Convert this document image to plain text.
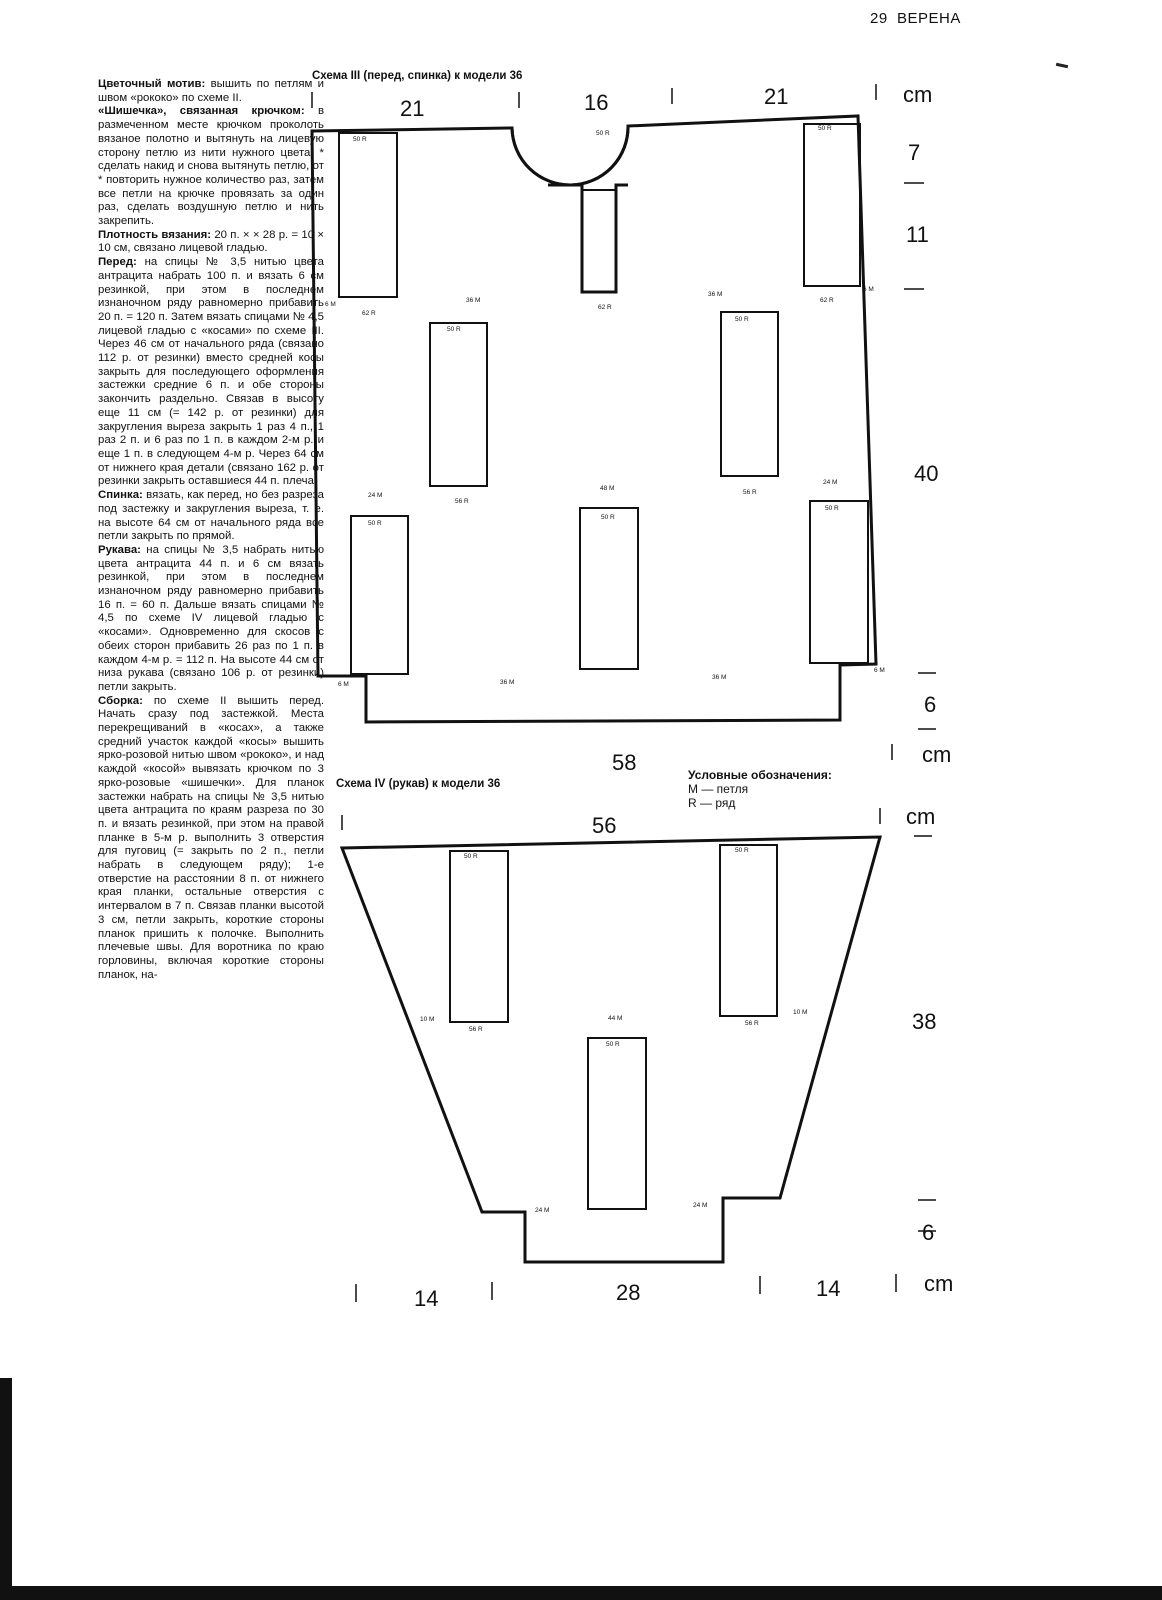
29 ВЕРЕНА

Цветочный мотив: вышить по петлям и швом «рококо» по схеме II.

«Шишечка», связанная крючком: в размеченном месте крючком проколоть вязаное полотно и вытянуть на лицевую сторону петлю из нити нужного цвета, * сделать накид и снова вытянуть петлю, от * повторить нужное количество раз, затем все петли на крючке провязать за один раз, сделать воздушную петлю и нить закрепить.

Плотность вязания: 20 п. × × 28 р. = 10 × 10 см, связано лицевой гладью.

Перед: на спицы № 3,5 нитью цвета антрацита набрать 100 п. и вязать 6 см резинкой, при этом в последнем изнаночном ряду равномерно прибавить 20 п. = 120 п. Затем вязать спицами № 4,5 лицевой гладью с «косами» по схеме III. Через 46 см от начального ряда (связано 112 р. от резинки) вместо средней косы закрыть для последующего оформления застежки средние 6 п. и обе стороны закончить раздельно. Связав в высоту еще 11 см (= 142 р. от резинки) для закругления выреза закрыть 1 раз 4 п., 1 раз 2 п. и 6 раз по 1 п. в каждом 2-м р. и еще 1 п. в следующем 4-м р. Через 64 см от нижнего края детали (связано 162 р. от резинки закрыть оставшиеся 44 п. плеча.

Спинка: вязать, как перед, но без разреза под застежку и закругления выреза, т. е. на высоте 64 см от начального ряда все петли закрыть по прямой.

Рукава: на спицы № 3,5 набрать нитью цвета антрацита 44 п. и 6 см вязать резинкой, при этом в последнем изнаночном ряду равномерно прибавить 16 п. = 60 п. Дальше вязать спицами № 4,5 по схеме IV лицевой гладью с «косами». Одновременно для скосов с обеих сторон прибавить 26 раз по 1 п. в каждом 4-м р. = 112 п. На высоте 44 см от низа рукава (связано 106 р. от резинки) петли закрыть.

Сборка: по схеме II вышить перед. Начать сразу под застежкой. Места перекрещиваний в «косах», а также средний участок каждой «косы» вышить ярко-розовой нитью швом «рококо», и над каждой «косой» вывязать крючком по 3 ярко-розовые «шишечки». Для планок застежки набрать на спицы № 3,5 нитью цвета антрацита по краям разреза по 30 п. и вязать резинкой, при этом на правой планке в 5-м р. выполнить 3 отверстия для пуговиц (= закрыть по 2 п., петли набрать в следующем ряду); 1-е отверстие на расстоянии 8 п. от нижнего края планки, остальные отверстия с интервалом в 7 п. Связав планки высотой 3 см, петли закрыть, короткие стороны планок пришить к полочке. Выполнить плечевые швы. Для воротника по краю горловины, включая короткие стороны планок, на-

Схема III (перед, спинка) к модели 36
Схема IV (рукав) к модели 36
Условные обозначения:
M — петля
R — ряд
21	16	21	cm
7
11
40
6
cm
58
50 R
50 R
50 R
62 R
62 R
62 R
6 M
6 M
36 M
36 M
50 R
50 R
56 R
56 R
24 M
24 M
48 M
50 R
50 R
50 R
6 M
6 M
36 M
36 M
56	cm
38
6
cm
14	28	14
50 R
50 R
10 M
10 M
56 R
56 R
44 M
50 R
24 M
24 M
